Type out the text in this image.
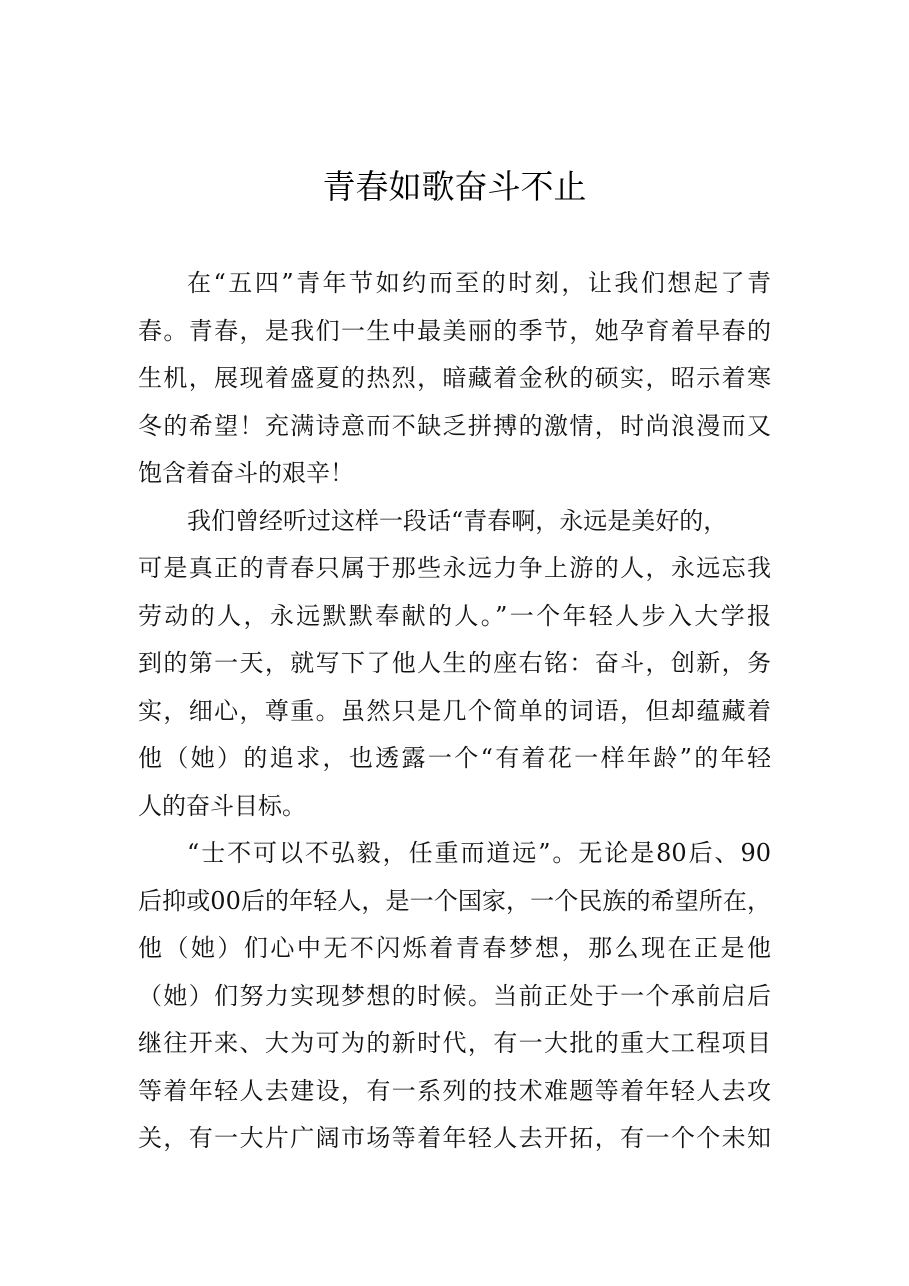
青春如歌奋斗不止
在“五四”青年节如约而至的时刻，让我们想起了青
春。青春，是我们一生中最美丽的季节，她孕育着早春的
生机，展现着盛夏的热烈，暗藏着金秋的硕实，昭示着寒
冬的希望！充满诗意而不缺乏拼搏的激情，时尚浪漫而又
饱含着奋斗的艰辛！
我们曾经听过这样一段话“青春啊，永远是美好的，
可是真正的青春只属于那些永远力争上游的人，永远忘我
劳动的人，永远默默奉献的人。”一个年轻人步入大学报
到的第一天，就写下了他人生的座右铭：奋斗，创新，务
实，细心，尊重。虽然只是几个简单的词语，但却蕴藏着
他（她）的追求，也透露一个“有着花一样年龄”的年轻
人的奋斗目标。
“士不可以不弘毅，任重而道远”。无论是80后、90
后抑或00后的年轻人，是一个国家，一个民族的希望所在，
他（她）们心中无不闪烁着青春梦想，那么现在正是他
（她）们努力实现梦想的时候。当前正处于一个承前启后
继往开来、大为可为的新时代，有一大批的重大工程项目
等着年轻人去建设，有一系列的技术难题等着年轻人去攻
关，有一大片广阔市场等着年轻人去开拓，有一个个未知
